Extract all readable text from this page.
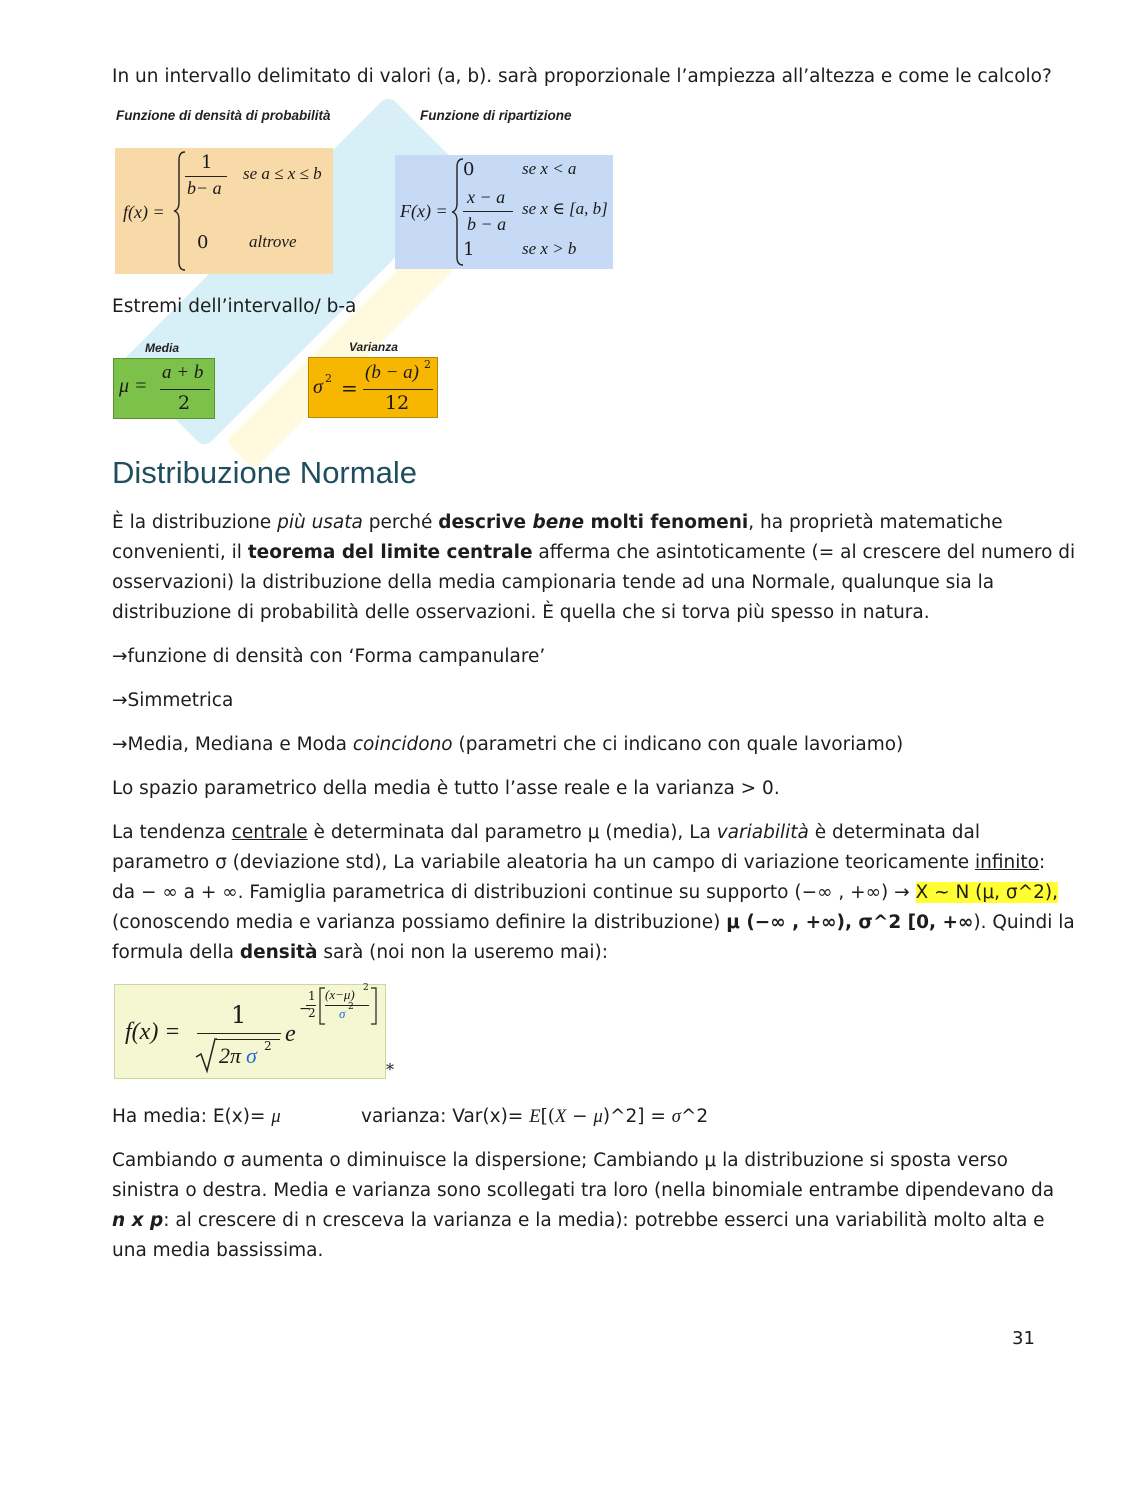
In un intervallo delimitato di valori (a, b). sarà proporzionale l’ampiezza all’altezza e come le calcolo?
Funzione di densità di probabilità	Funzione di ripartizione
f(x) =
1
b− a
se a ≤ x ≤ b
0 altrove
F(x) =
0	se x < a
x − a
b − a
se x ∈ [a, b]
1	se x > b
Estremi dell’intervallo/ b-a
Media	Varianza
μ =
a + b
2
σ 2 =
(b − a) 2
12
Distribuzione Normale
È la distribuzione più usata perché descrive bene molti fenomeni, ha proprietà matematiche
convenienti, il teorema del limite centrale afferma che asintoticamente (= al crescere del numero di
osservazioni) la distribuzione della media campionaria tende ad una Normale, qualunque sia la
distribuzione di probabilità delle osservazioni. È quella che si torva più spesso in natura.
→funzione di densità con ‘Forma campanulare’
→Simmetrica
→Media, Mediana e Moda coincidono (parametri che ci indicano con quale lavoriamo)
Lo spazio parametrico della media è tutto l’asse reale e la varianza > 0.
La tendenza centrale è determinata dal parametro μ (media), La variabilità è determinata dal
parametro σ (deviazione std), La variabile aleatoria ha un campo di variazione teoricamente infinito:
da − ∞ a + ∞. Famiglia parametrica di distribuzioni continue su supporto (−∞ , +∞) → X ~ N (μ, σ^2),
(conoscendo media e varianza possiamo definire la distribuzione) μ (−∞ , +∞), σ^2 [0, +∞). Quindi la
formula della densità sarà (noi non la useremo mai):
f(x) =
1
2π σ 2 e
−
1
2
(x−μ) 2
σ 2
*
Ha media: E(x)= μ	varianza: Var(x)= E[(X − μ)^2] = σ^2
Cambiando σ aumenta o diminuisce la dispersione; Cambiando μ la distribuzione si sposta verso
sinistra o destra. Media e varianza sono scollegati tra loro (nella binomiale entrambe dipendevano da
n x p: al crescere di n cresceva la varianza e la media): potrebbe esserci una variabilità molto alta e
una media bassissima.
31
